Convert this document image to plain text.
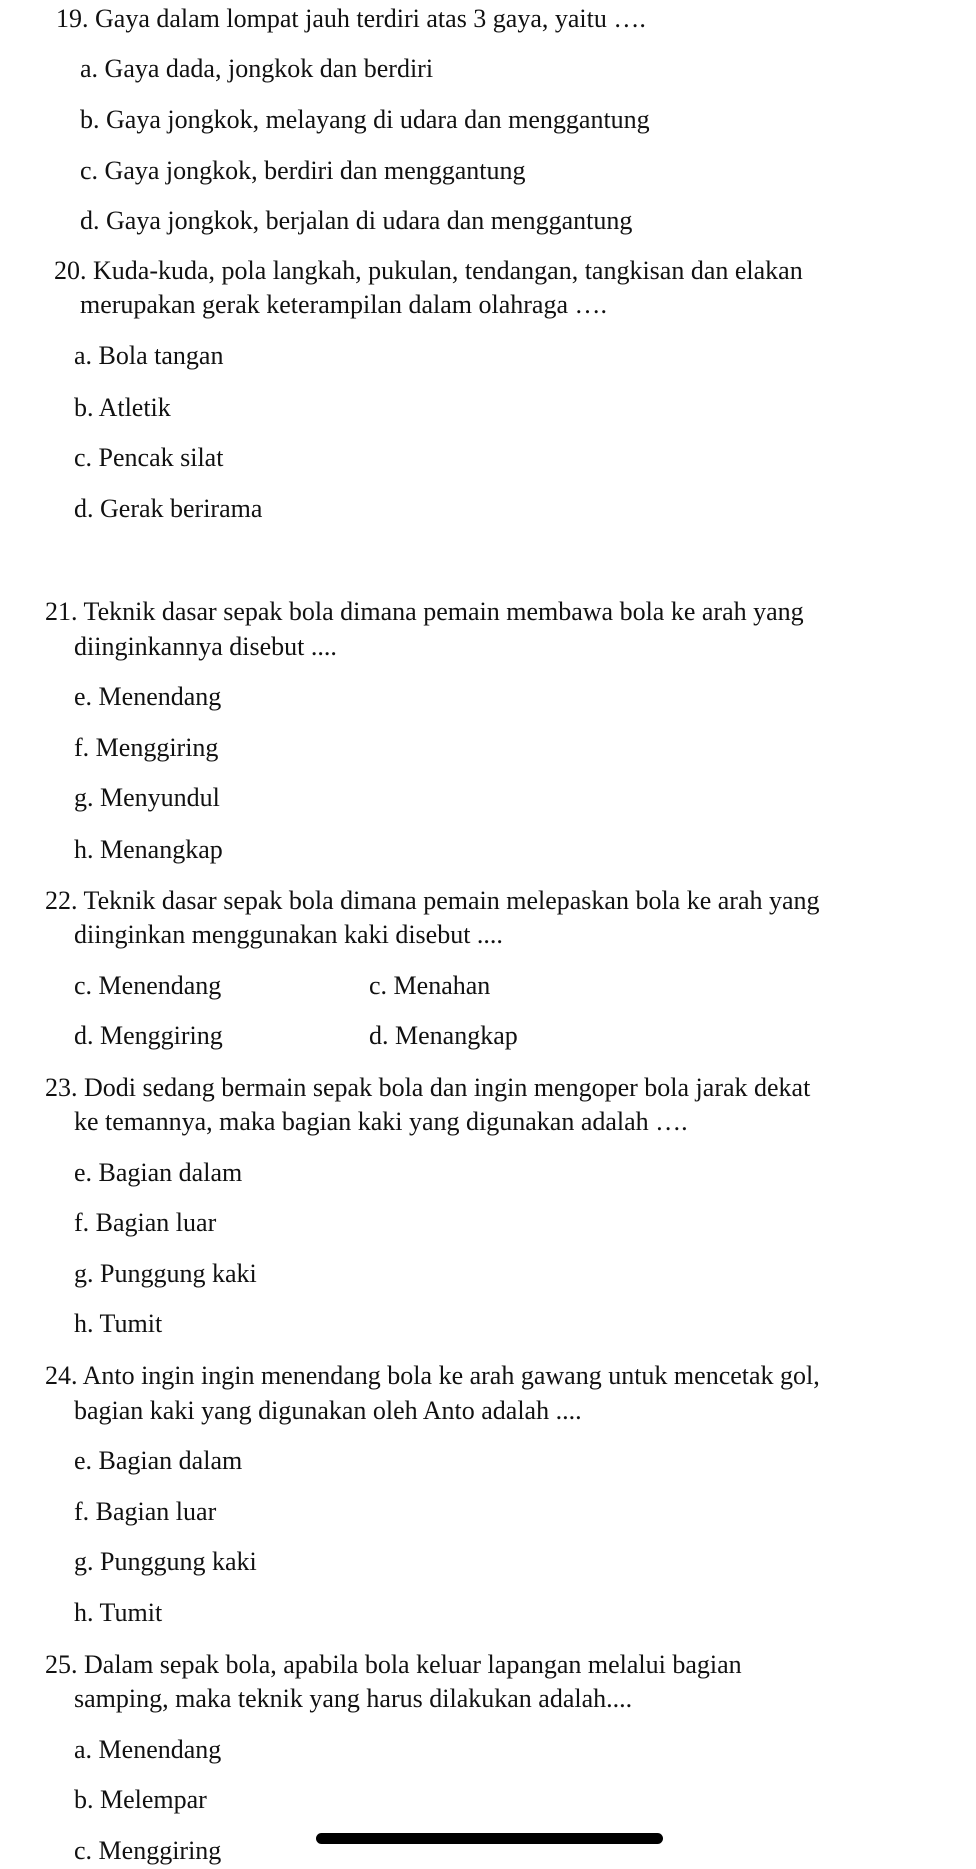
19. Gaya dalam lompat jauh terdiri atas 3 gaya, yaitu ….
a. Gaya dada, jongkok dan berdiri
b. Gaya jongkok, melayang di udara dan menggantung
c. Gaya jongkok, berdiri dan menggantung
d. Gaya jongkok, berjalan di udara dan menggantung
20. Kuda-kuda, pola langkah, pukulan, tendangan, tangkisan dan elakan
merupakan gerak keterampilan dalam olahraga ….
a. Bola tangan
b. Atletik
c. Pencak silat
d. Gerak berirama
21. Teknik dasar sepak bola dimana pemain membawa bola ke arah yang
diinginkannya disebut ....
e. Menendang
f. Menggiring
g. Menyundul
h. Menangkap
22. Teknik dasar sepak bola dimana pemain melepaskan bola ke arah yang
diinginkan menggunakan kaki disebut ....
c. Menendang	c. Menahan
d. Menggiring	d. Menangkap
23. Dodi sedang bermain sepak bola dan ingin mengoper bola jarak dekat
ke temannya, maka bagian kaki yang digunakan adalah ….
e. Bagian dalam
f. Bagian luar
g. Punggung kaki
h. Tumit
24. Anto ingin ingin menendang bola ke arah gawang untuk mencetak gol,
bagian kaki yang digunakan oleh Anto adalah ....
e. Bagian dalam
f. Bagian luar
g. Punggung kaki
h. Tumit
25. Dalam sepak bola, apabila bola keluar lapangan melalui bagian
samping, maka teknik yang harus dilakukan adalah....
a. Menendang
b. Melempar
c. Menggiring
